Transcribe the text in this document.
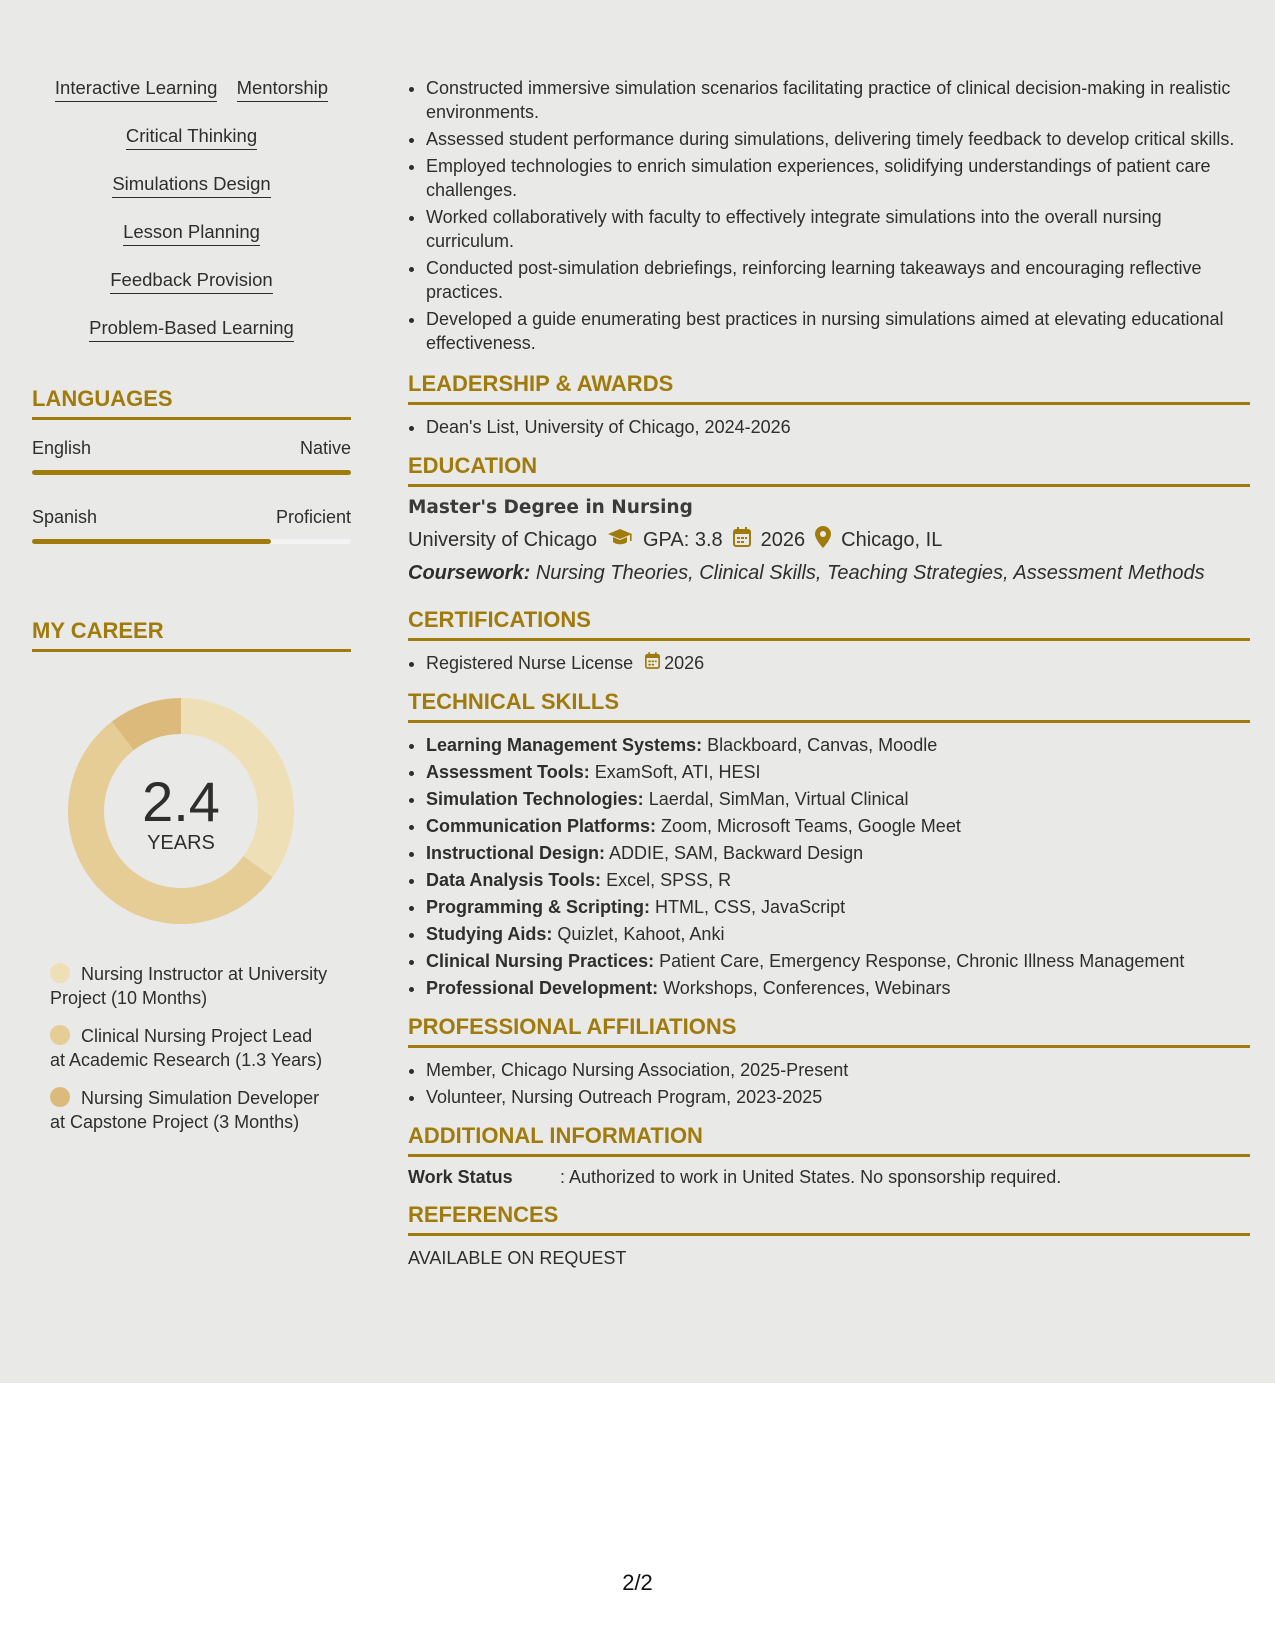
Interactive Learning Mentorship
Critical Thinking
Simulations Design
Lesson Planning
Feedback Provision
Problem-Based Learning
LANGUAGES
English	Native
Spanish	Proficient
MY CAREER
2.4
YEARS
Nursing Instructor at University Project (10 Months)
Clinical Nursing Project Lead at Academic Research (1.3 Years)
Nursing Simulation Developer at Capstone Project (3 Months)
• Constructed immersive simulation scenarios facilitating practice of clinical decision-making in realistic environments.
• Assessed student performance during simulations, delivering timely feedback to develop critical skills.
• Employed technologies to enrich simulation experiences, solidifying understandings of patient care challenges.
• Worked collaboratively with faculty to effectively integrate simulations into the overall nursing curriculum.
• Conducted post-simulation debriefings, reinforcing learning takeaways and encouraging reflective practices.
• Developed a guide enumerating best practices in nursing simulations aimed at elevating educational effectiveness.
LEADERSHIP & AWARDS
• Dean's List, University of Chicago, 2024-2026
EDUCATION
Master's Degree in Nursing
University of Chicago GPA: 3.8 2026 Chicago, IL
Coursework: Nursing Theories, Clinical Skills, Teaching Strategies, Assessment Methods
CERTIFICATIONS
• Registered Nurse License 2026
TECHNICAL SKILLS
• Learning Management Systems: Blackboard, Canvas, Moodle
• Assessment Tools: ExamSoft, ATI, HESI
• Simulation Technologies: Laerdal, SimMan, Virtual Clinical
• Communication Platforms: Zoom, Microsoft Teams, Google Meet
• Instructional Design: ADDIE, SAM, Backward Design
• Data Analysis Tools: Excel, SPSS, R
• Programming & Scripting: HTML, CSS, JavaScript
• Studying Aids: Quizlet, Kahoot, Anki
• Clinical Nursing Practices: Patient Care, Emergency Response, Chronic Illness Management
• Professional Development: Workshops, Conferences, Webinars
PROFESSIONAL AFFILIATIONS
• Member, Chicago Nursing Association, 2025-Present
• Volunteer, Nursing Outreach Program, 2023-2025
ADDITIONAL INFORMATION
Work Status	: Authorized to work in United States. No sponsorship required.
REFERENCES
AVAILABLE ON REQUEST
2/2
